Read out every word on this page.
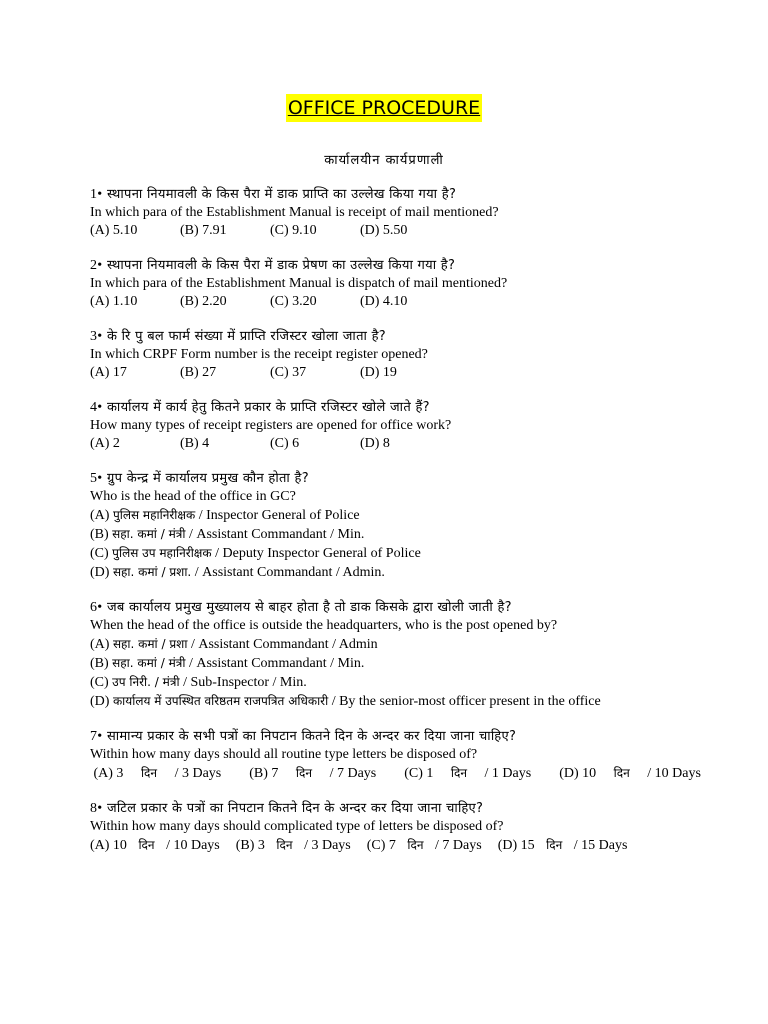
OFFICE PROCEDURE
कार्यालयीन कार्यप्रणाली
1• स्थापना नियमावली के किस पैरा में डाक प्राप्ति का उल्लेख किया गया है?
In which para of the Establishment Manual is receipt of mail mentioned?
(A) 5.10	(B) 7.91	(C) 9.10	(D) 5.50
2• स्थापना नियमावली के किस पैरा में डाक प्रेषण का उल्लेख किया गया है?
In which para of the Establishment Manual is dispatch of mail mentioned?
(A) 1.10	(B) 2.20	(C) 3.20	(D) 4.10
3• के रि पु बल फार्म संख्या में प्राप्ति रजिस्टर खोला जाता है?
In which CRPF Form number is the receipt register opened?
(A) 17	(B) 27	(C) 37	(D) 19
4• कार्यालय में कार्य हेतु कितने प्रकार के प्राप्ति रजिस्टर खोले जाते हैं?
How many types of receipt registers are opened for office work?
(A) 2	(B) 4	(C) 6	(D) 8
5• ग्रुप केन्द्र में कार्यालय प्रमुख कौन होता है?
Who is the head of the office in GC?
(A) पुलिस महानिरीक्षक / Inspector General of Police
(B) सहा. कमां / मंत्री / Assistant Commandant / Min.
(C) पुलिस उप महानिरीक्षक / Deputy Inspector General of Police
(D) सहा. कमां / प्रशा. / Assistant Commandant / Admin.
6• जब कार्यालय प्रमुख मुख्यालय से बाहर होता है तो डाक किसके द्वारा खोली जाती है?
When the head of the office is outside the headquarters, who is the post opened by?
(A) सहा. कमां / प्रशा / Assistant Commandant / Admin
(B) सहा. कमां / मंत्री / Assistant Commandant / Min.
(C) उप निरी. / मंत्री / Sub-Inspector / Min.
(D) कार्यालय में उपस्थित वरिष्ठतम राजपत्रित अधिकारी / By the senior-most officer present in the office
7• सामान्य प्रकार के सभी पत्रों का निपटान कितने दिन के अन्दर कर दिया जाना चाहिए?
Within how many days should all routine type letters be disposed of?
(A) 3 दिन / 3 Days	(B) 7 दिन / 7 Days	(C) 1 दिन / 1 Days	(D) 10 दिन / 10 Days
8• जटिल प्रकार के पत्रों का निपटान कितने दिन के अन्दर कर दिया जाना चाहिए?
Within how many days should complicated type of letters be disposed of?
(A) 10 दिन / 10 Days	(B) 3 दिन / 3 Days	(C) 7 दिन / 7 Days	(D) 15 दिन / 15 Days
